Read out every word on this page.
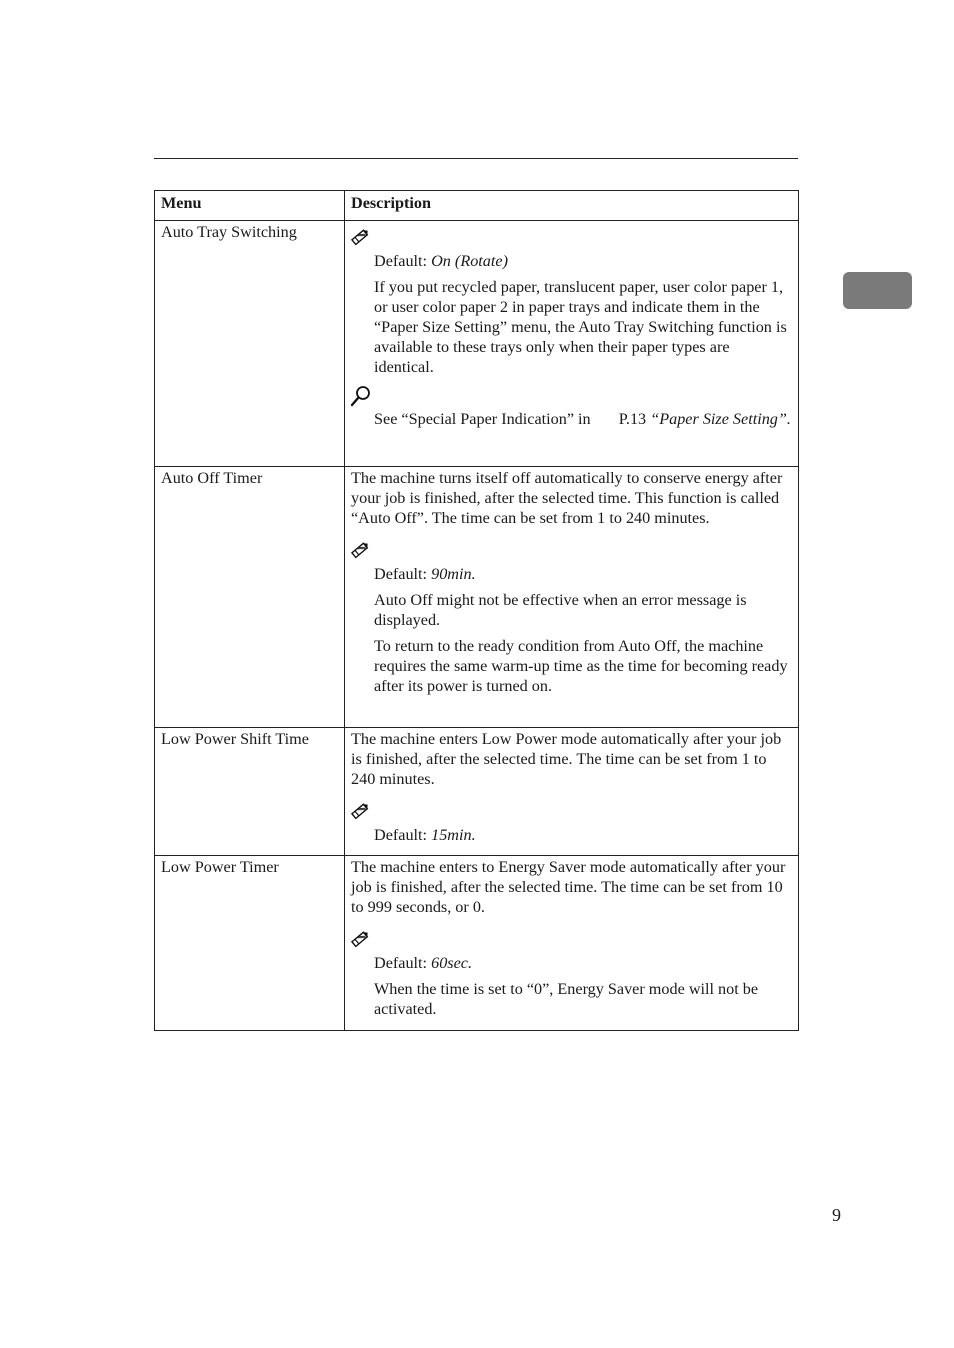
Menu	Description
Auto Tray Switching	Default: On (Rotate)

If you put recycled paper, translucent paper, user color paper 1, or user color paper 2 in paper trays and indicate them in the “Paper Size Setting” menu, the Auto Tray Switching function is available to these trays only when their paper types are identical.
See “Special Paper Indication” in P.13 “Paper Size Setting”.

Auto Off Timer	The machine turns itself off automatically to conserve energy after your job is finished, after the selected time. This function is called “Auto Off”. The time can be set from 1 to 240 minutes.

Default: 90min.

Auto Off might not be effective when an error message is displayed.
To return to the ready condition from Auto Off, the machine requires the same warm-up time as the time for becoming ready after its power is turned on.

Low Power Shift Time	The machine enters Low Power mode automatically after your job is finished, after the selected time. The time can be set from 1 to 240 minutes.

Default: 15min.

Low Power Timer	The machine enters to Energy Saver mode automatically after your job is finished, after the selected time. The time can be set from 10 to 999 seconds, or 0.

Default: 60sec.

When the time is set to “0”, Energy Saver mode will not be activated.
9
